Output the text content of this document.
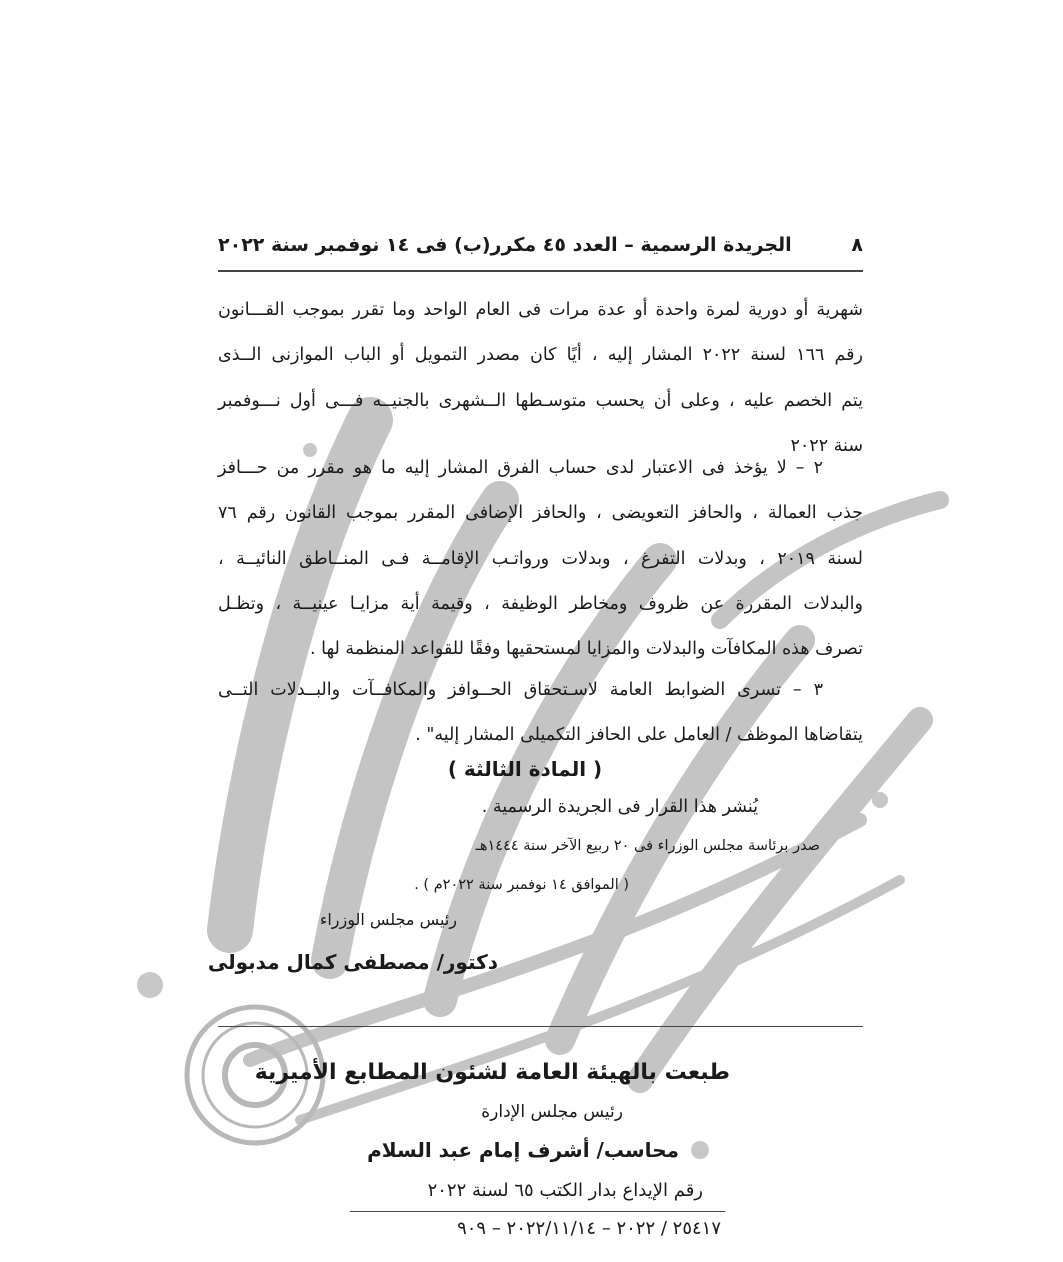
٨
الجريدة الرسمية – العدد ٤٥ مكرر(ب) فى ١٤ نوفمبر سنة ٢٠٢٢
شهرية أو دورية لمرة واحدة أو عدة مرات فى العام الواحد وما تقرر بموجب القـــانون
رقم ١٦٦ لسنة ٢٠٢٢ المشار إليه ، أيًا كان مصدر التمويل أو الباب الموازنى الــذى
يتم الخصم عليه ، وعلى أن يحسب متوسـطها الــشهرى بالجنيــه فـــى أول نـــوفمبر
سنة ٢٠٢٢
٢ – لا يؤخذ فى الاعتبار لدى حساب الفرق المشار إليه ما هو مقرر من حـــافز
جذب العمالة ، والحافز التعويضى ، والحافز الإضافى المقرر بموجب القانون رقم ٧٦
لسنة ٢٠١٩ ، وبدلات التفرغ ، وبدلات ورواتـب الإقامــة فـى المنــاطق النائيــة ،
والبدلات المقررة عن ظروف ومخاطر الوظيفة ، وقيمة أية مزايـا عينيــة ، وتظـل
تصرف هذه المكافآت والبدلات والمزايا لمستحقيها وفقًا للقواعد المنظمة لها .
٣ – تسرى الضوابط العامة لاسـتحقاق الحــوافز والمكافــآت والبــدلات التــى
يتقاضاها الموظف / العامل على الحافز التكميلى المشار إليه" .
( المادة الثالثة )
يُنشر هذا القرار فى الجريدة الرسمية .
صدر برئاسة مجلس الوزراء فى ٢٠ ربيع الآخر سنة ١٤٤٤هـ
( الموافق ١٤ نوفمبر سنة ٢٠٢٢م ) .
رئيس مجلس الوزراء
دكتور/ مصطفى كمال مدبولى
طبعت بالهيئة العامة لشئون المطابع الأميرية
رئيس مجلس الإدارة
محاسب/ أشرف إمام عبد السلام
رقم الإيداع بدار الكتب ٦٥ لسنة ٢٠٢٢
٢٥٤١٧ / ٢٠٢٢ – ٢٠٢٢/١١/١٤ – ٩٠٩
